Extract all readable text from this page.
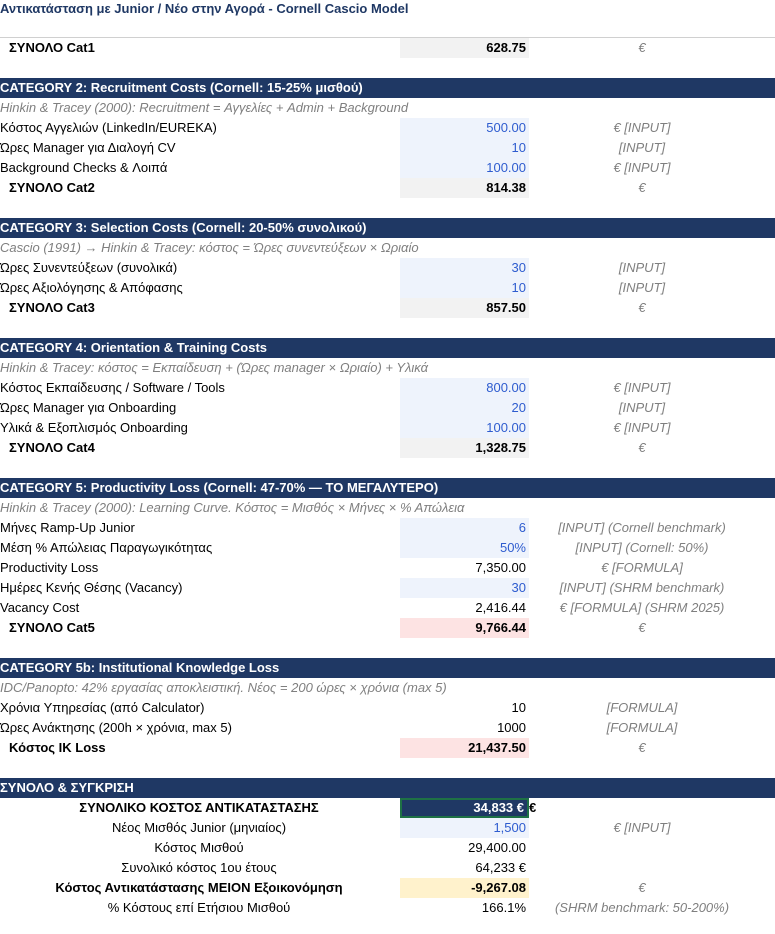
Αντικατάσταση με Junior / Νέο στην Αγορά - Cornell Cascio Model
ΣΥΝΟΛΟ Cat1	628.75	€
CATEGORY 2: Recruitment Costs (Cornell: 15-25% μισθού)
Hinkin & Tracey (2000): Recruitment = Αγγελίες + Admin + Background
Κόστος Αγγελιών (LinkedIn/EUREKA)	500.00	€ [INPUT]
Ώρες Manager για Διαλογή CV	10	[INPUT]
Background Checks & Λοιπά	100.00	€ [INPUT]
ΣΥΝΟΛΟ Cat2	814.38	€
CATEGORY 3: Selection Costs (Cornell: 20-50% συνολικού)
Cascio (1991) → Hinkin & Tracey: κόστος = Ώρες συνεντεύξεων × Ωριαίο
Ώρες Συνεντεύξεων (συνολικά)	30	[INPUT]
Ώρες Αξιολόγησης & Απόφασης	10	[INPUT]
ΣΥΝΟΛΟ Cat3	857.50	€
CATEGORY 4: Orientation & Training Costs
Hinkin & Tracey: κόστος = Εκπαίδευση + (Ώρες manager × Ωριαίο) + Υλικά
Κόστος Εκπαίδευσης / Software / Tools	800.00	€ [INPUT]
Ώρες Manager για Onboarding	20	[INPUT]
Υλικά & Εξοπλισμός Onboarding	100.00	€ [INPUT]
ΣΥΝΟΛΟ Cat4	1,328.75	€
CATEGORY 5: Productivity Loss (Cornell: 47-70% — ΤΟ ΜΕΓΑΛΥΤΕΡΟ)
Hinkin & Tracey (2000): Learning Curve. Κόστος = Μισθός × Μήνες × % Απώλεια
Μήνες Ramp-Up Junior	6	[INPUT] (Cornell benchmark)
Μέση % Απώλειας Παραγωγικότητας	50%	[INPUT] (Cornell: 50%)
Productivity Loss	7,350.00	€ [FORMULA]
Ημέρες Κενής Θέσης (Vacancy)	30	[INPUT] (SHRM benchmark)
Vacancy Cost	2,416.44	€ [FORMULA] (SHRM 2025)
ΣΥΝΟΛΟ Cat5	9,766.44	€
CATEGORY 5b: Institutional Knowledge Loss
IDC/Panopto: 42% εργασίας αποκλειστική. Νέος = 200 ώρες × χρόνια (max 5)
Χρόνια Υπηρεσίας (από Calculator)	10	[FORMULA]
Ώρες Ανάκτησης (200h × χρόνια, max 5)	1000	[FORMULA]
Κόστος IK Loss	21,437.50	€
ΣΥΝΟΛΟ & ΣΥΓΚΡΙΣΗ
ΣΥΝΟΛΙΚΟ ΚΟΣΤΟΣ ΑΝΤΙΚΑΤΑΣΤΑΣΗΣ	34,833 € €
Νέος Μισθός Junior (μηνιαίος)	1,500	€ [INPUT]
Κόστος Μισθού	29,400.00
Συνολικό κόστος 1ου έτους	64,233 €
Κόστος Αντικατάστασης ΜΕΙΟΝ Εξοικονόμηση	-9,267.08	€
% Κόστους επί Ετήσιου Μισθού	166.1%	(SHRM benchmark: 50-200%)
